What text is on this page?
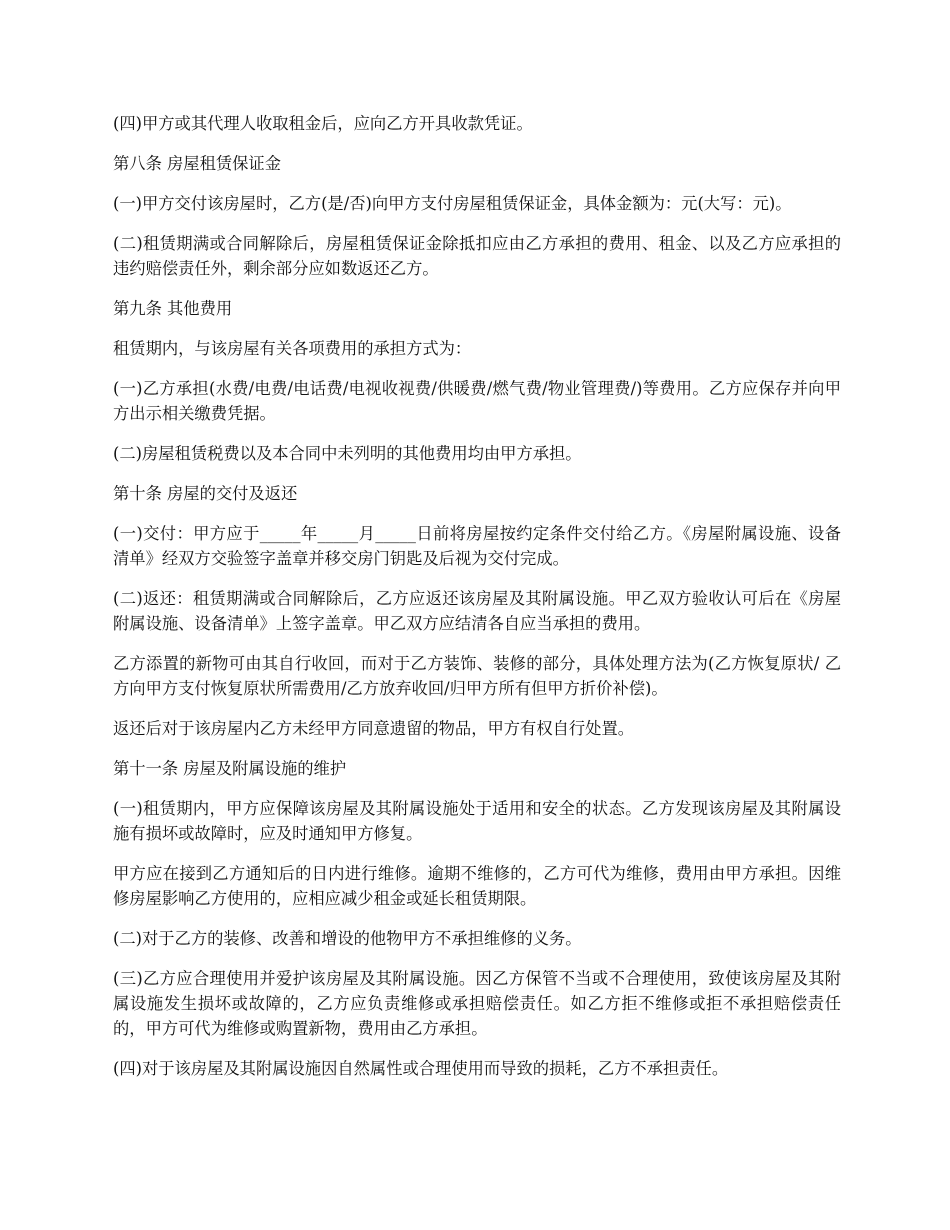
(四)甲方或其代理人收取租金后，应向乙方开具收款凭证。

第八条 房屋租赁保证金

(一)甲方交付该房屋时，乙方(是/否)向甲方支付房屋租赁保证金，具体金额为：元(大写：元)。

(二)租赁期满或合同解除后，房屋租赁保证金除抵扣应由乙方承担的费用、租金、以及乙方应承担的违约赔偿责任外，剩余部分应如数返还乙方。

第九条 其他费用

租赁期内，与该房屋有关各项费用的承担方式为：

(一)乙方承担(水费/电费/电话费/电视收视费/供暖费/燃气费/物业管理费/)等费用。乙方应保存并向甲方出示相关缴费凭据。

(二)房屋租赁税费以及本合同中未列明的其他费用均由甲方承担。

第十条 房屋的交付及返还

(一)交付：甲方应于_____年_____月_____日前将房屋按约定条件交付给乙方。《房屋附属设施、设备清单》经双方交验签字盖章并移交房门钥匙及后视为交付完成。

(二)返还：租赁期满或合同解除后，乙方应返还该房屋及其附属设施。甲乙双方验收认可后在《房屋附属设施、设备清单》上签字盖章。甲乙双方应结清各自应当承担的费用。

乙方添置的新物可由其自行收回，而对于乙方装饰、装修的部分，具体处理方法为(乙方恢复原状/ 乙方向甲方支付恢复原状所需费用/乙方放弃收回/归甲方所有但甲方折价补偿)。

返还后对于该房屋内乙方未经甲方同意遗留的物品，甲方有权自行处置。

第十一条 房屋及附属设施的维护

(一)租赁期内，甲方应保障该房屋及其附属设施处于适用和安全的状态。乙方发现该房屋及其附属设施有损坏或故障时，应及时通知甲方修复。

甲方应在接到乙方通知后的日内进行维修。逾期不维修的，乙方可代为维修，费用由甲方承担。因维修房屋影响乙方使用的，应相应减少租金或延长租赁期限。

(二)对于乙方的装修、改善和增设的他物甲方不承担维修的义务。

(三)乙方应合理使用并爱护该房屋及其附属设施。因乙方保管不当或不合理使用，致使该房屋及其附属设施发生损坏或故障的，乙方应负责维修或承担赔偿责任。如乙方拒不维修或拒不承担赔偿责任的，甲方可代为维修或购置新物，费用由乙方承担。

(四)对于该房屋及其附属设施因自然属性或合理使用而导致的损耗，乙方不承担责任。
